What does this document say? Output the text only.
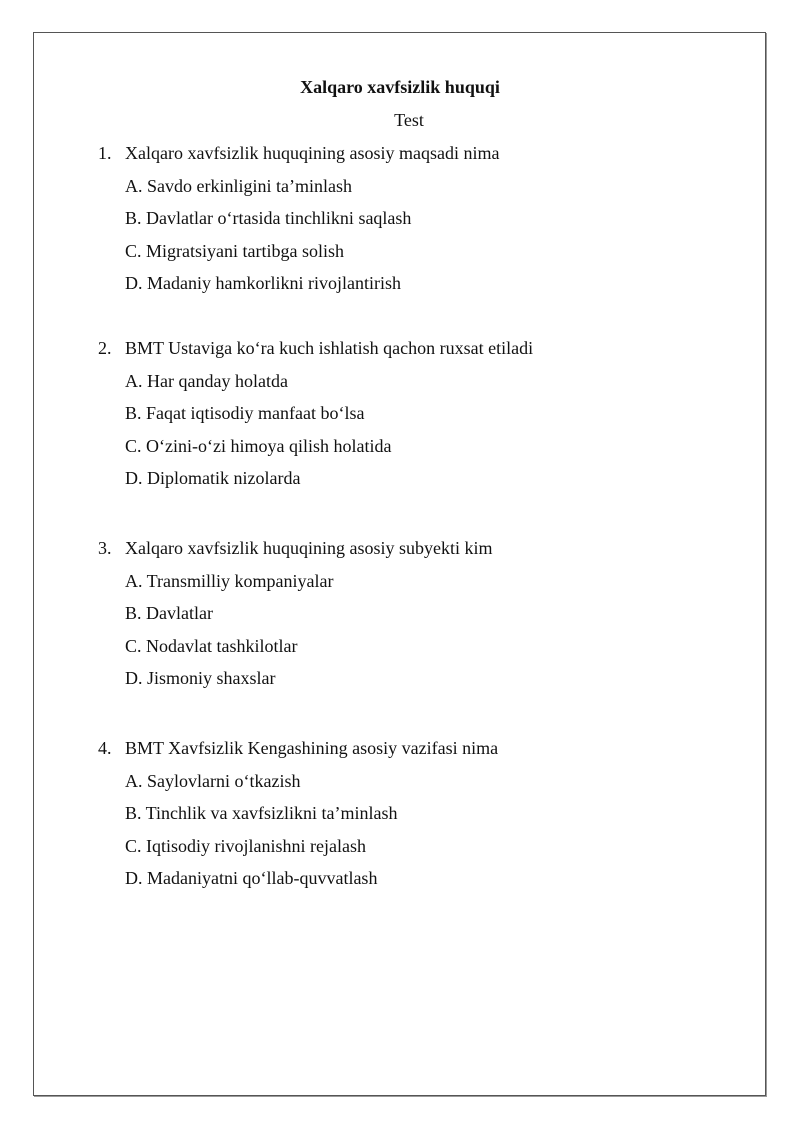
Xalqaro xavfsizlik huquqi
Test
1. Xalqaro xavfsizlik huquqining asosiy maqsadi nima
A. Savdo erkinligini ta’minlash
B. Davlatlar o‘rtasida tinchlikni saqlash
C. Migratsiyani tartibga solish
D. Madaniy hamkorlikni rivojlantirish
2. BMT Ustaviga ko‘ra kuch ishlatish qachon ruxsat etiladi
A. Har qanday holatda
B. Faqat iqtisodiy manfaat bo‘lsa
C. O‘zini-o‘zi himoya qilish holatida
D. Diplomatik nizolarda
3. Xalqaro xavfsizlik huquqining asosiy subyekti kim
A. Transmilliy kompaniyalar
B. Davlatlar
C. Nodavlat tashkilotlar
D. Jismoniy shaxslar
4. BMT Xavfsizlik Kengashining asosiy vazifasi nima
A. Saylovlarni o‘tkazish
B. Tinchlik va xavfsizlikni ta’minlash
C. Iqtisodiy rivojlanishni rejalash
D. Madaniyatni qo‘llab-quvvatlash
